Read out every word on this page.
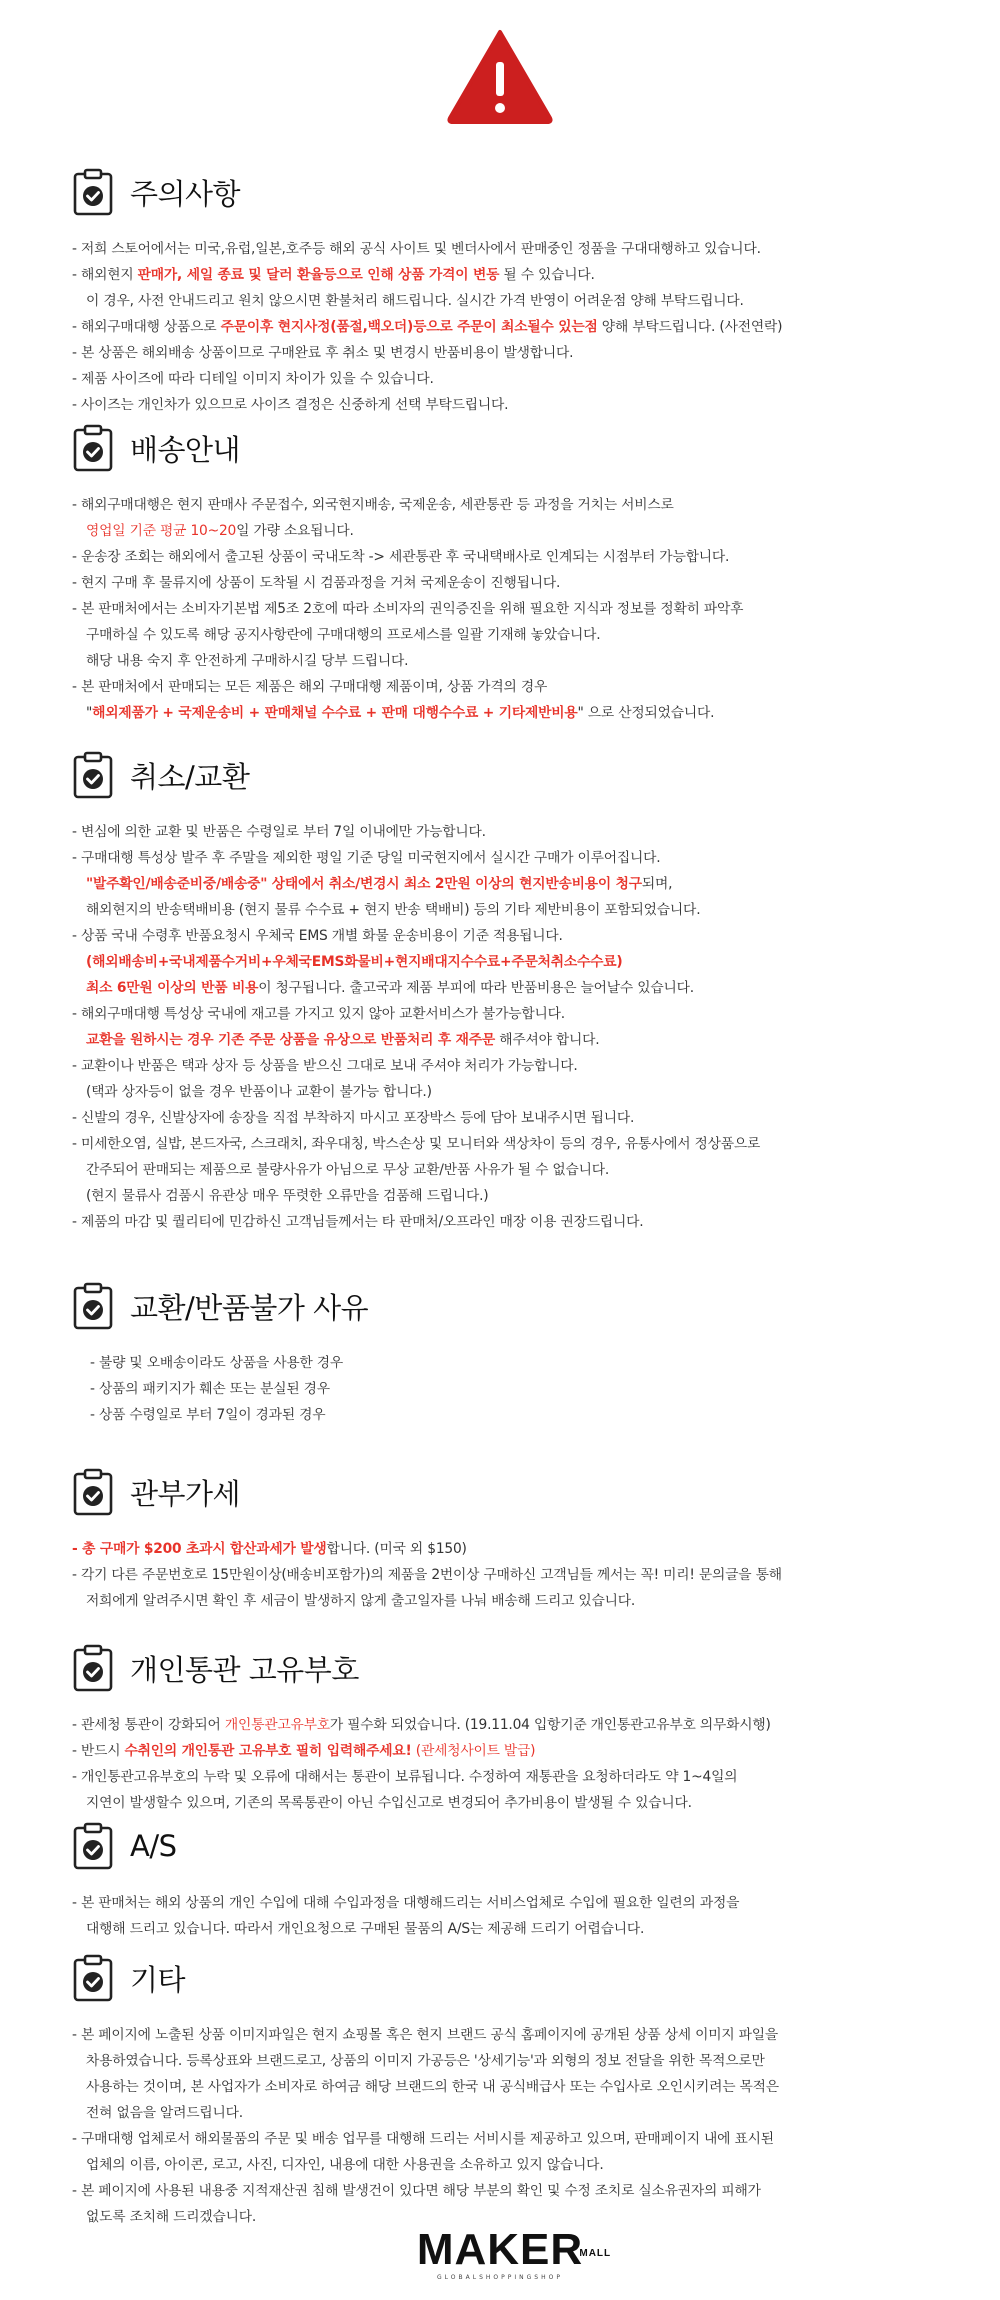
주의사항
- 저희 스토어에서는 미국,유럽,일본,호주등 해외 공식 사이트 및 벤더사에서 판매중인 정품을 구대대행하고 있습니다.
- 해외현지 판매가, 세일 종료 및 달러 환율등으로 인해 상품 가격이 변동 될 수 있습니다.
이 경우, 사전 안내드리고 원치 않으시면 환불처리 해드립니다. 실시간 가격 반영이 어려운점 양해 부탁드립니다.
- 해외구매대행 상품으로 주문이후 현지사정(품절,백오더)등으로 주문이 최소될수 있는점 양해 부탁드립니다. (사전연락)
- 본 상품은 해외배송 상품이므로 구매완료 후 취소 및 변경시 반품비용이 발생합니다.
- 제품 사이즈에 따라 디테일 이미지 차이가 있을 수 있습니다.
- 사이즈는 개인차가 있으므로 사이즈 결정은 신중하게 선택 부탁드립니다.
배송안내
- 해외구매대행은 현지 판매사 주문접수, 외국현지배송, 국제운송, 세관통관 등 과정을 거치는 서비스로
영업일 기준 평균 10~20일 가량 소요됩니다.
- 운송장 조회는 해외에서 출고된 상품이 국내도착 -> 세관통관 후 국내택배사로 인계되는 시점부터 가능합니다.
- 현지 구매 후 물류지에 상품이 도착될 시 검품과정을 거쳐 국제운송이 진행됩니다.
- 본 판매처에서는 소비자기본법 제5조 2호에 따라 소비자의 권익증진을 위해 필요한 지식과 정보를 정확히 파악후
구매하실 수 있도록 해당 공지사항란에 구매대행의 프로세스를 일괄 기재해 놓았습니다.
해당 내용 숙지 후 안전하게 구매하시길 당부 드립니다.
- 본 판매처에서 판매되는 모든 제품은 해외 구매대행 제품이며, 상품 가격의 경우
"해외제품가 + 국제운송비 + 판매채널 수수료 + 판매 대행수수료 + 기타제반비용" 으로 산정되었습니다.
취소/교환
- 변심에 의한 교환 및 반품은 수령일로 부터 7일 이내에만 가능합니다.
- 구매대행 특성상 발주 후 주말을 제외한 평일 기준 당일 미국현지에서 실시간 구매가 이루어집니다.
"발주확인/배송준비중/배송중" 상태에서 취소/변경시 최소 2만원 이상의 현지반송비용이 청구되며,
해외현지의 반송택배비용 (현지 물류 수수료 + 현지 반송 택배비) 등의 기타 제반비용이 포함되었습니다.
- 상품 국내 수령후 반품요청시 우체국 EMS 개별 화물 운송비용이 기준 적용됩니다.
(해외배송비+국내제품수거비+우체국EMS화물비+현지배대지수수료+주문처취소수수료)
최소 6만원 이상의 반품 비용이 청구됩니다. 출고국과 제품 부피에 따라 반품비용은 늘어날수 있습니다.
- 해외구매대행 특성상 국내에 재고를 가지고 있지 않아 교환서비스가 불가능합니다.
교환을 원하시는 경우 기존 주문 상품을 유상으로 반품처리 후 재주문 해주셔야 합니다.
- 교환이나 반품은 택과 상자 등 상품을 받으신 그대로 보내 주셔야 처리가 가능합니다.
(택과 상자등이 없을 경우 반품이나 교환이 불가능 합니다.)
- 신발의 경우, 신발상자에 송장을 직접 부착하지 마시고 포장박스 등에 담아 보내주시면 됩니다.
- 미세한오염, 실밥, 본드자국, 스크래치, 좌우대칭, 박스손상 및 모니터와 색상차이 등의 경우, 유통사에서 정상품으로
간주되어 판매되는 제품으로 불량사유가 아님으로 무상 교환/반품 사유가 될 수 없습니다.
(현지 물류사 검품시 유관상 매우 뚜렷한 오류만을 검품해 드립니다.)
- 제품의 마감 및 퀄리티에 민감하신 고객님들께서는 타 판매처/오프라인 매장 이용 권장드립니다.
교환/반품불가 사유
- 불량 및 오배송이라도 상품을 사용한 경우
- 상품의 패키지가 훼손 또는 분실된 경우
- 상품 수령일로 부터 7일이 경과된 경우
관부가세
- 총 구매가 $200 초과시 합산과세가 발생합니다. (미국 외 $150)
- 각기 다른 주문번호로 15만원이상(배송비포함가)의 제품을 2번이상 구매하신 고객님들 께서는 꼭! 미리! 문의글을 통해
저희에게 알려주시면 확인 후 세금이 발생하지 않게 출고일자를 나눠 배송해 드리고 있습니다.
개인통관 고유부호
- 관세청 통관이 강화되어 개인통관고유부호가 필수화 되었습니다. (19.11.04 입항기준 개인통관고유부호 의무화시행)
- 반드시 수취인의 개인통관 고유부호 필히 입력해주세요! (관세청사이트 발급)
- 개인통관고유부호의 누락 및 오류에 대해서는 통관이 보류됩니다. 수정하여 재통관을 요청하더라도 약 1~4일의
지연이 발생할수 있으며, 기존의 목록통관이 아닌 수입신고로 변경되어 추가비용이 발생될 수 있습니다.
A/S
- 본 판매처는 해외 상품의 개인 수입에 대해 수입과정을 대행해드리는 서비스업체로 수입에 필요한 일련의 과정을
대행해 드리고 있습니다. 따라서 개인요청으로 구매된 물품의 A/S는 제공해 드리기 어렵습니다.
기타
- 본 페이지에 노출된 상품 이미지파일은 현지 쇼핑몰 혹은 현지 브랜드 공식 홈페이지에 공개된 상품 상세 이미지 파일을
차용하였습니다. 등록상표와 브랜드로고, 상품의 이미지 가공등은 '상세기능'과 외형의 정보 전달을 위한 목적으로만
사용하는 것이며, 본 사업자가 소비자로 하여금 해당 브랜드의 한국 내 공식배급사 또는 수입사로 오인시키려는 목적은
전혀 없음을 알려드립니다.
- 구매대행 업체로서 해외물품의 주문 및 배송 업무를 대행해 드리는 서비시를 제공하고 있으며, 판매페이지 내에 표시된
업체의 이름, 아이콘, 로고, 사진, 디자인, 내용에 대한 사용권을 소유하고 있지 않습니다.
- 본 페이지에 사용된 내용중 지적재산권 침해 발생건이 있다면 해당 부분의 확인 및 수정 조치로 실소유권자의 피해가
없도록 조치해 드리겠습니다.
MAKER
MALL
GLOBALSHOPPINGSHOP
